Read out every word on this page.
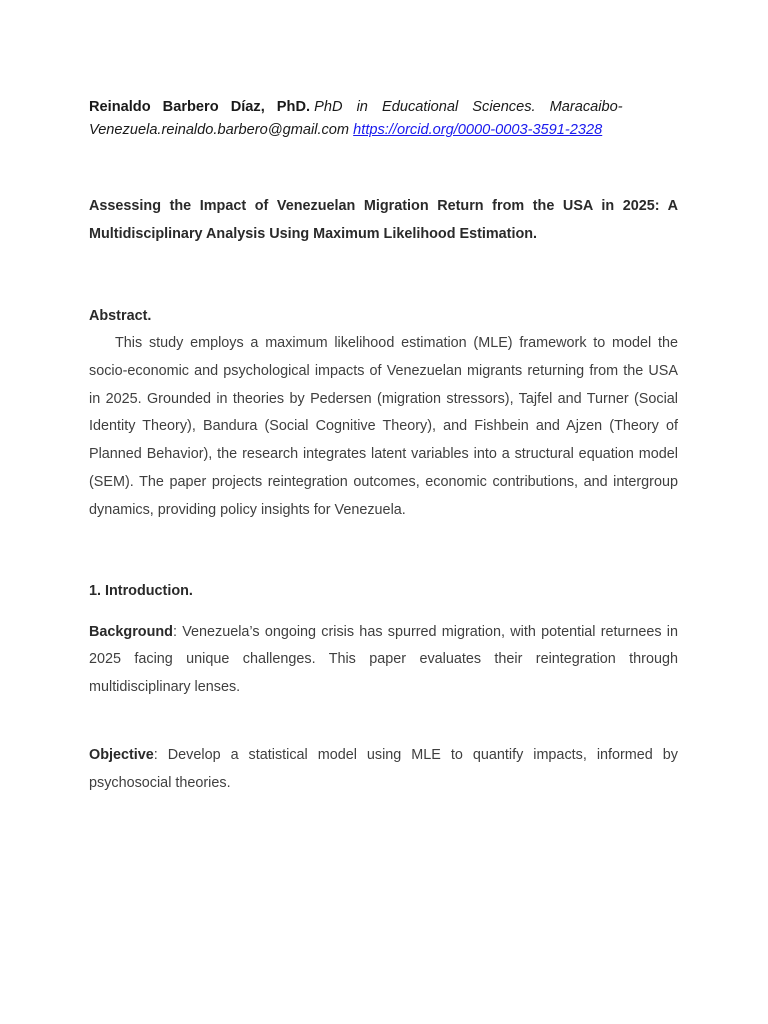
Reinaldo Barbero Díaz, PhD. PhD in Educational Sciences. Maracaibo-
Venezuela.reinaldo.barbero@gmail.com https://orcid.org/0000-0003-3591-2328
Assessing the Impact of Venezuelan Migration Return from the USA in 2025: A Multidisciplinary Analysis Using Maximum Likelihood Estimation.
Abstract.
This study employs a maximum likelihood estimation (MLE) framework to model the socio-economic and psychological impacts of Venezuelan migrants returning from the USA in 2025. Grounded in theories by Pedersen (migration stressors), Tajfel and Turner (Social Identity Theory), Bandura (Social Cognitive Theory), and Fishbein and Ajzen (Theory of Planned Behavior), the research integrates latent variables into a structural equation model (SEM). The paper projects reintegration outcomes, economic contributions, and intergroup dynamics, providing policy insights for Venezuela.
1. Introduction.
Background: Venezuela’s ongoing crisis has spurred migration, with potential returnees in 2025 facing unique challenges. This paper evaluates their reintegration through multidisciplinary lenses.
Objective: Develop a statistical model using MLE to quantify impacts, informed by psychosocial theories.
